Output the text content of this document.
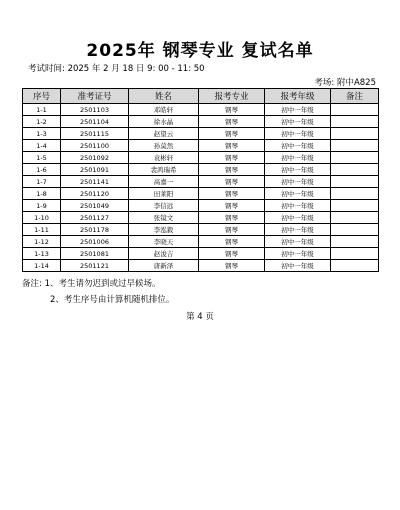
2025年 钢琴专业 复试名单
考试时间: 2025 年 2 月 18 日 9: 00 - 11: 50
考场: 附中A825
序号	准考证号	姓名	报考专业	报考年级	备注
1-1	2501103	邓皓轩	钢琴	初中一年级	
1-2	2501104	徐水晶	钢琴	初中一年级	
1-3	2501115	赵望云	钢琴	初中一年级	
1-4	2501100	孙莫然	钢琴	初中一年级	
1-5	2501092	袁彬轩	钢琴	初中一年级	
1-6	2501091	裴鸿瑞希	钢琴	初中一年级	
1-7	2501141	高嘉一	钢琴	初中一年级	
1-8	2501120	田莱阳	钢琴	初中一年级	
1-9	2501049	李信远	钢琴	初中一年级	
1-10	2501127	张镜文	钢琴	初中一年级	
1-11	2501178	李泓毅	钢琴	初中一年级	
1-12	2501006	李晓天	钢琴	初中一年级	
1-13	2501081	赵浚吉	钢琴	初中一年级	
1-14	2501121	唐新泽	钢琴	初中一年级	
备注: 1、考生请勿迟到或过早候场。
2、考生序号由计算机随机排位。
第 4 页
